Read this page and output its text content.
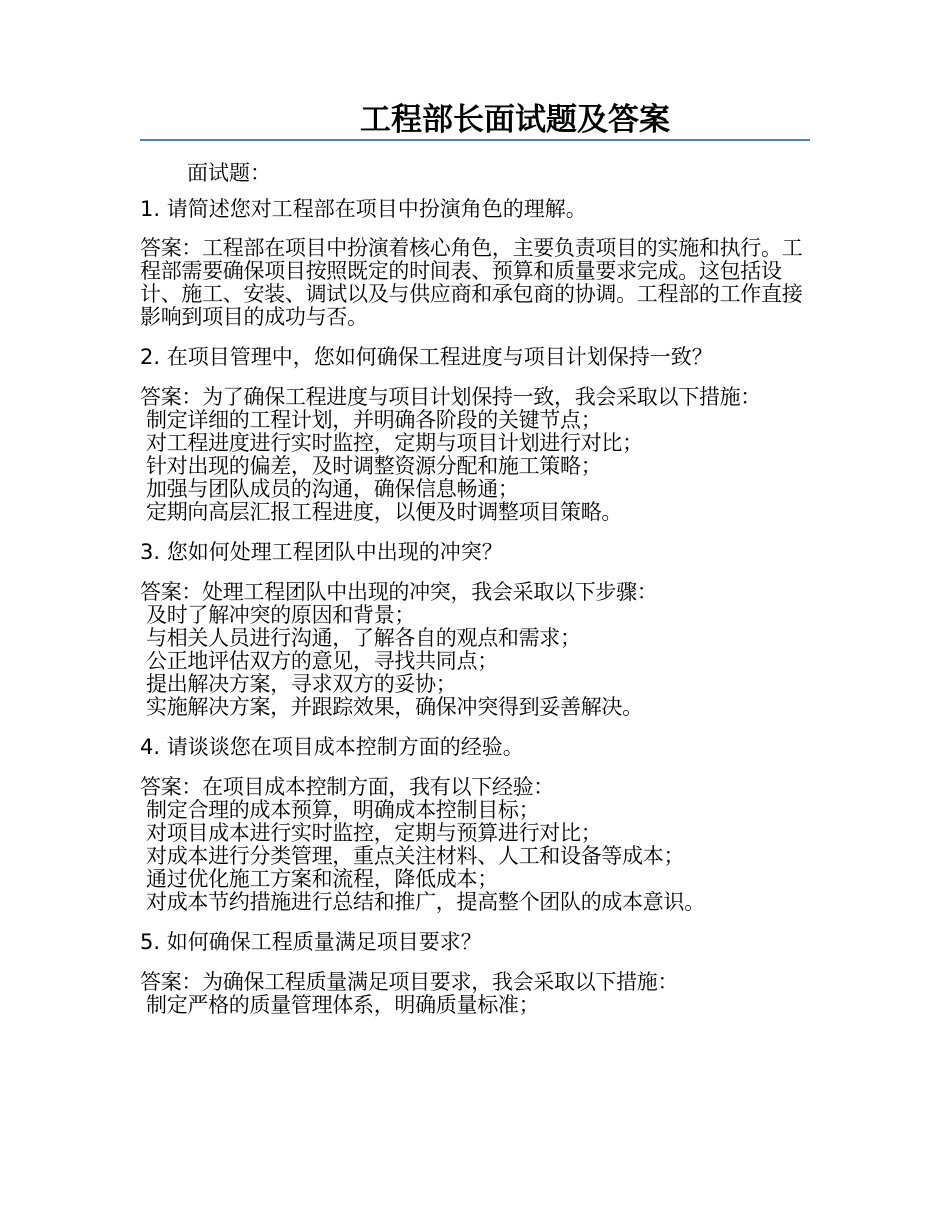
工程部长面试题及答案
面试题：
1. 请简述您对工程部在项目中扮演角色的理解。
答案：工程部在项目中扮演着核心角色，主要负责项目的实施和执行。工程部需要确保项目按照既定的时间表、预算和质量要求完成。这包括设计、施工、安装、调试以及与供应商和承包商的协调。工程部的工作直接影响到项目的成功与否。
2. 在项目管理中，您如何确保工程进度与项目计划保持一致？
答案：为了确保工程进度与项目计划保持一致，我会采取以下措施：
制定详细的工程计划，并明确各阶段的关键节点；
对工程进度进行实时监控，定期与项目计划进行对比；
针对出现的偏差，及时调整资源分配和施工策略；
加强与团队成员的沟通，确保信息畅通；
定期向高层汇报工程进度，以便及时调整项目策略。
3. 您如何处理工程团队中出现的冲突？
答案：处理工程团队中出现的冲突，我会采取以下步骤：
及时了解冲突的原因和背景；
与相关人员进行沟通，了解各自的观点和需求；
公正地评估双方的意见，寻找共同点；
提出解决方案，寻求双方的妥协；
实施解决方案，并跟踪效果，确保冲突得到妥善解决。
4. 请谈谈您在项目成本控制方面的经验。
答案：在项目成本控制方面，我有以下经验：
制定合理的成本预算，明确成本控制目标；
对项目成本进行实时监控，定期与预算进行对比；
对成本进行分类管理，重点关注材料、人工和设备等成本；
通过优化施工方案和流程，降低成本；
对成本节约措施进行总结和推广，提高整个团队的成本意识。
5. 如何确保工程质量满足项目要求？
答案：为确保工程质量满足项目要求，我会采取以下措施：
制定严格的质量管理体系，明确质量标准；
